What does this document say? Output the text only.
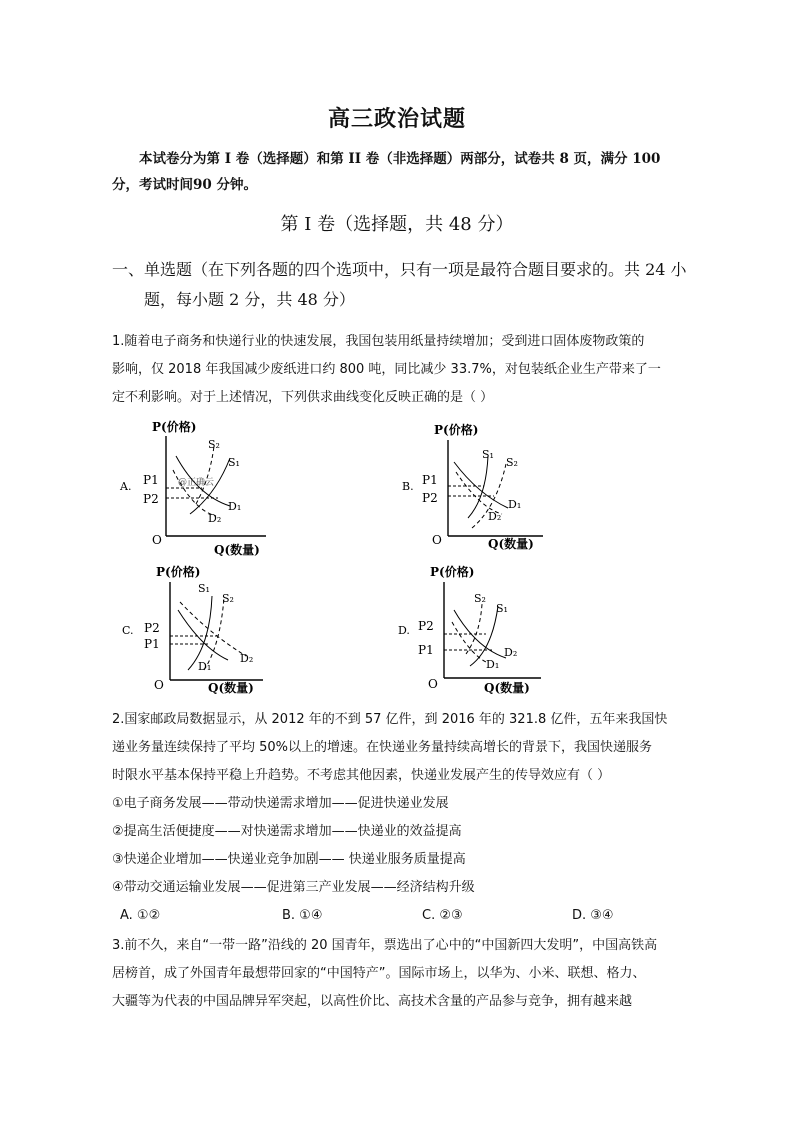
高三政治试题
本试卷分为第 I 卷（选择题）和第 II 卷（非选择题）两部分，试卷共 8 页，满分 100 分，考试时间90 分钟。
第 I 卷（选择题，共 48 分）
一、单选题（在下列各题的四个选项中，只有一项是最符合题目要求的。共 24 小
题，每小题 2 分，共 48 分）
1.随着电子商务和快递行业的快速发展，我国包装用纸量持续增加；受到进口固体废物政策的
影响，仅 2018 年我国减少废纸进口约 800 吨，同比减少 33.7%，对包装纸企业生产带来了一
定不利影响。对于上述情况，下列供求曲线变化反映正确的是（ ）
A.
P(价格)
O
Q(数量)
P1
P2
@正确云
S₂
S₁
D₁
D₂
B.
P(价格)
O	Q(数量)
P1
P2
S₁
S₂
D₁
D₂
C.
P(价格)
O	Q(数量)
P2
P1
S₁
S₂
D₁
D₂
D.
P(价格)
O	Q(数量)
P2
P1
S₂
S₁
D₂
D₁
2.国家邮政局数据显示，从 2012 年的不到 57 亿件，到 2016 年的 321.8 亿件，五年来我国快
递业务量连续保持了平均 50%以上的增速。在快递业务量持续高增长的背景下，我国快递服务
时限水平基本保持平稳上升趋势。不考虑其他因素，快递业发展产生的传导效应有（ ）
①电子商务发展——带动快递需求增加——促进快递业发展
②提高生活便捷度——对快递需求增加——快递业的效益提高
③快递企业增加——快递业竞争加剧—— 快递业服务质量提高
④带动交通运输业发展——促进第三产业发展——经济结构升级
A. ①②	B. ①④	C. ②③	D. ③④
3.前不久，来自“一带一路”沿线的 20 国青年，票选出了心中的“中国新四大发明”，中国高铁高
居榜首，成了外国青年最想带回家的“中国特产”。国际市场上，以华为、小米、联想、格力、
大疆等为代表的中国品牌异军突起，以高性价比、高技术含量的产品参与竞争，拥有越来越
